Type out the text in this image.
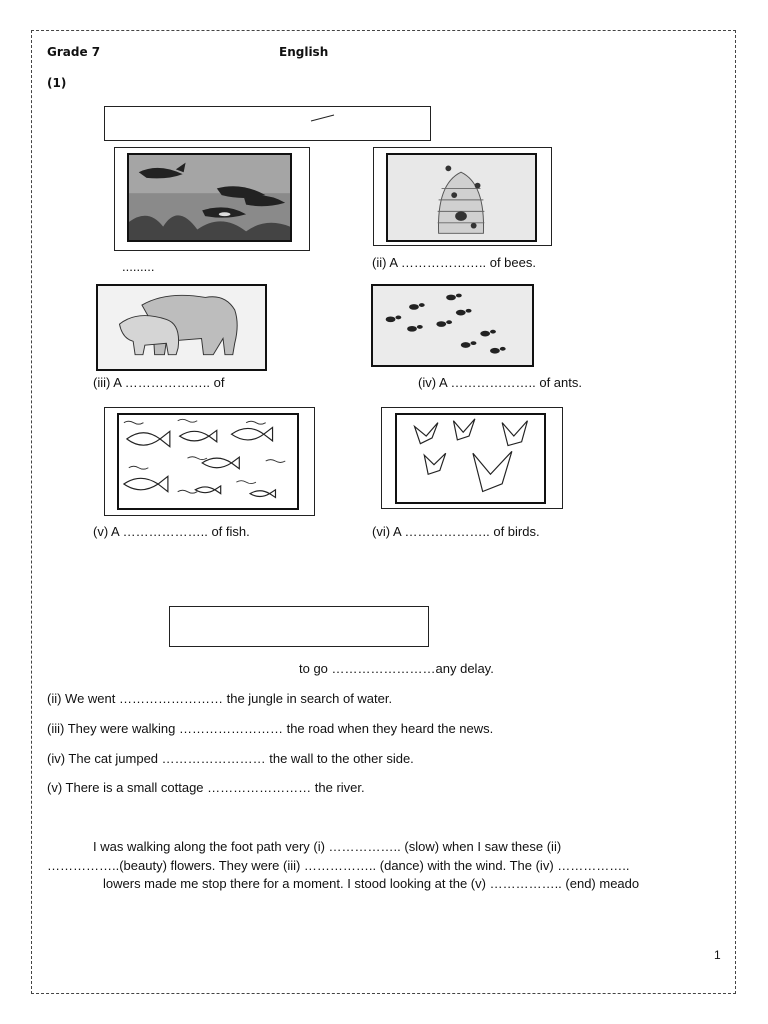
Grade 7	English
(1)
.........	(ii) A ……………….. of bees.
(iii) A ……………….. of	(iv) A ……………….. of ants.
(v) A ……………….. of fish.	(vi) A ……………….. of birds.
to go ……………………any delay.
(ii) We went …………………… the jungle in search of water.
(iii) They were walking …………………… the road when they heard the news.
(iv) The cat jumped …………………… the wall to the other side.
(v) There is a small cottage …………………… the river.
I was walking along the foot path very (i) …………….. (slow) when I saw these (ii)
……………..(beauty) flowers. They were (iii) …………….. (dance) with the wind. The (iv) ……………..
lowers made me stop there for a moment. I stood looking at the (v) …………….. (end) meado
1
